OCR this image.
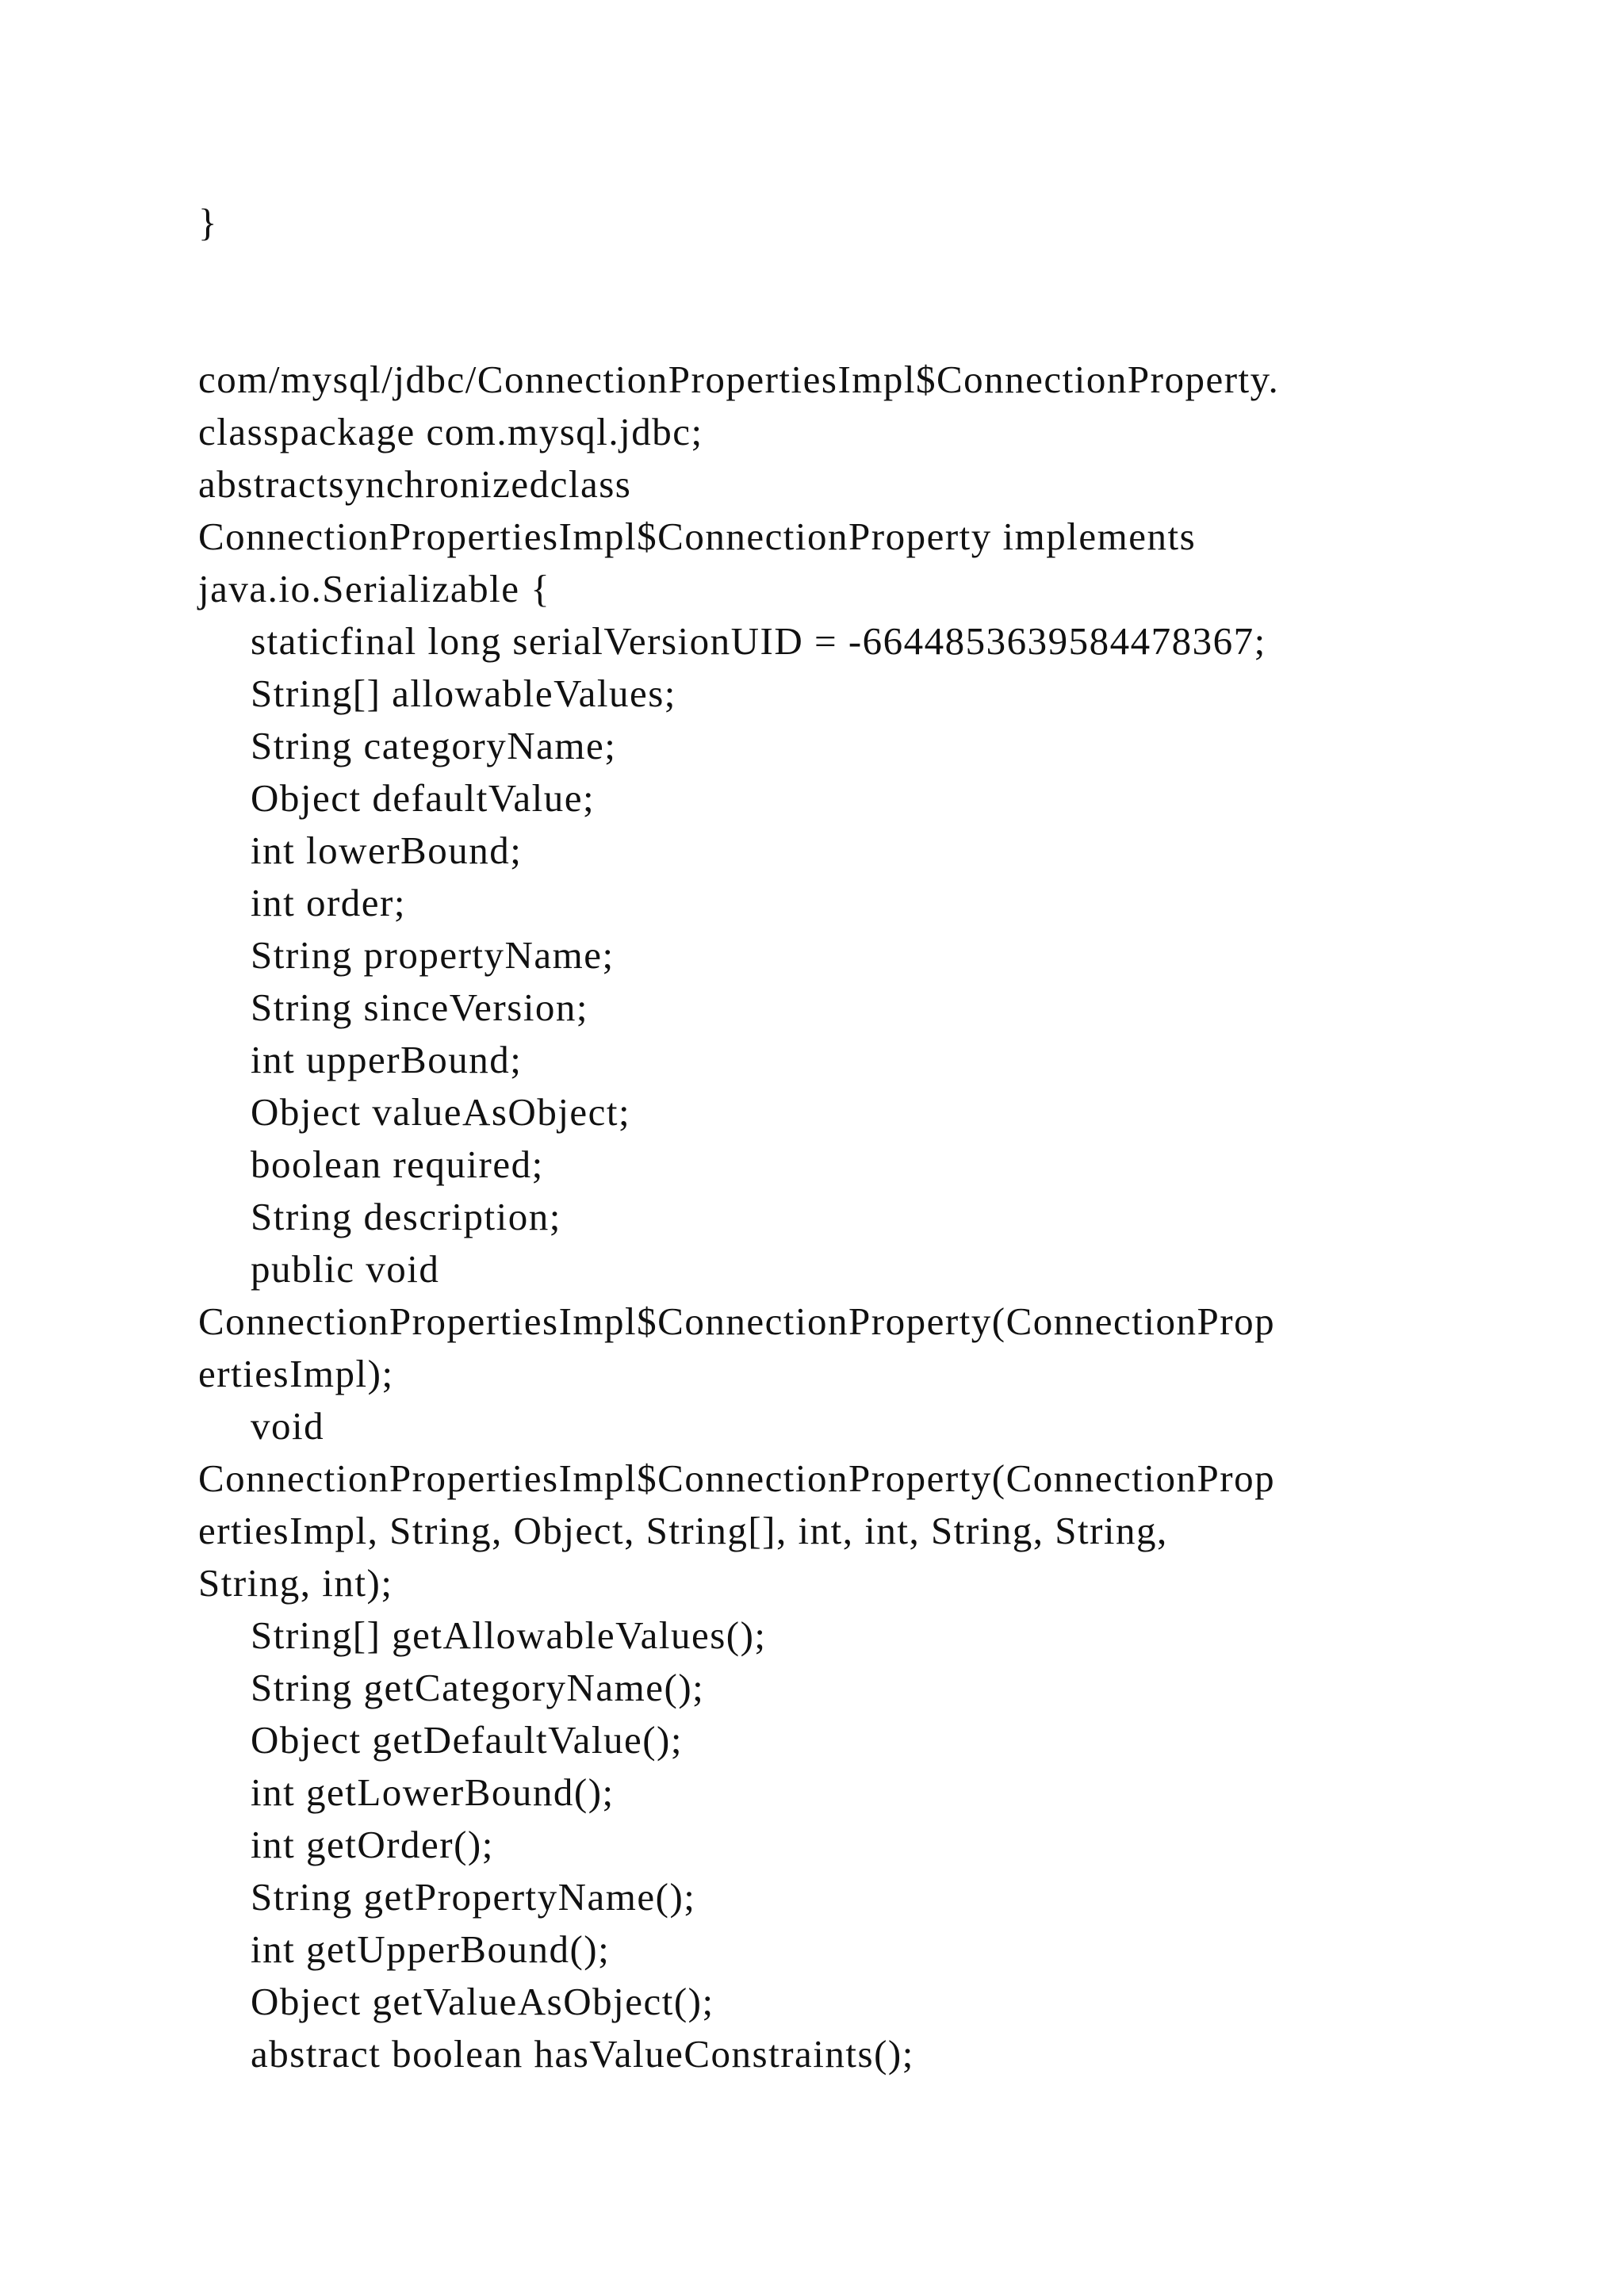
}
com/mysql/jdbc/ConnectionPropertiesImpl$ConnectionProperty.
classpackage com.mysql.jdbc;
abstractsynchronizedclass
ConnectionPropertiesImpl$ConnectionProperty implements
java.io.Serializable {
staticfinal long serialVersionUID = -6644853639584478367;
String[] allowableValues;
String categoryName;
Object defaultValue;
int lowerBound;
int order;
String propertyName;
String sinceVersion;
int upperBound;
Object valueAsObject;
boolean required;
String description;
public void
ConnectionPropertiesImpl$ConnectionProperty(ConnectionProp
ertiesImpl);
void
ConnectionPropertiesImpl$ConnectionProperty(ConnectionProp
ertiesImpl, String, Object, String[], int, int, String, String,
String, int);
String[] getAllowableValues();
String getCategoryName();
Object getDefaultValue();
int getLowerBound();
int getOrder();
String getPropertyName();
int getUpperBound();
Object getValueAsObject();
abstract boolean hasValueConstraints();
